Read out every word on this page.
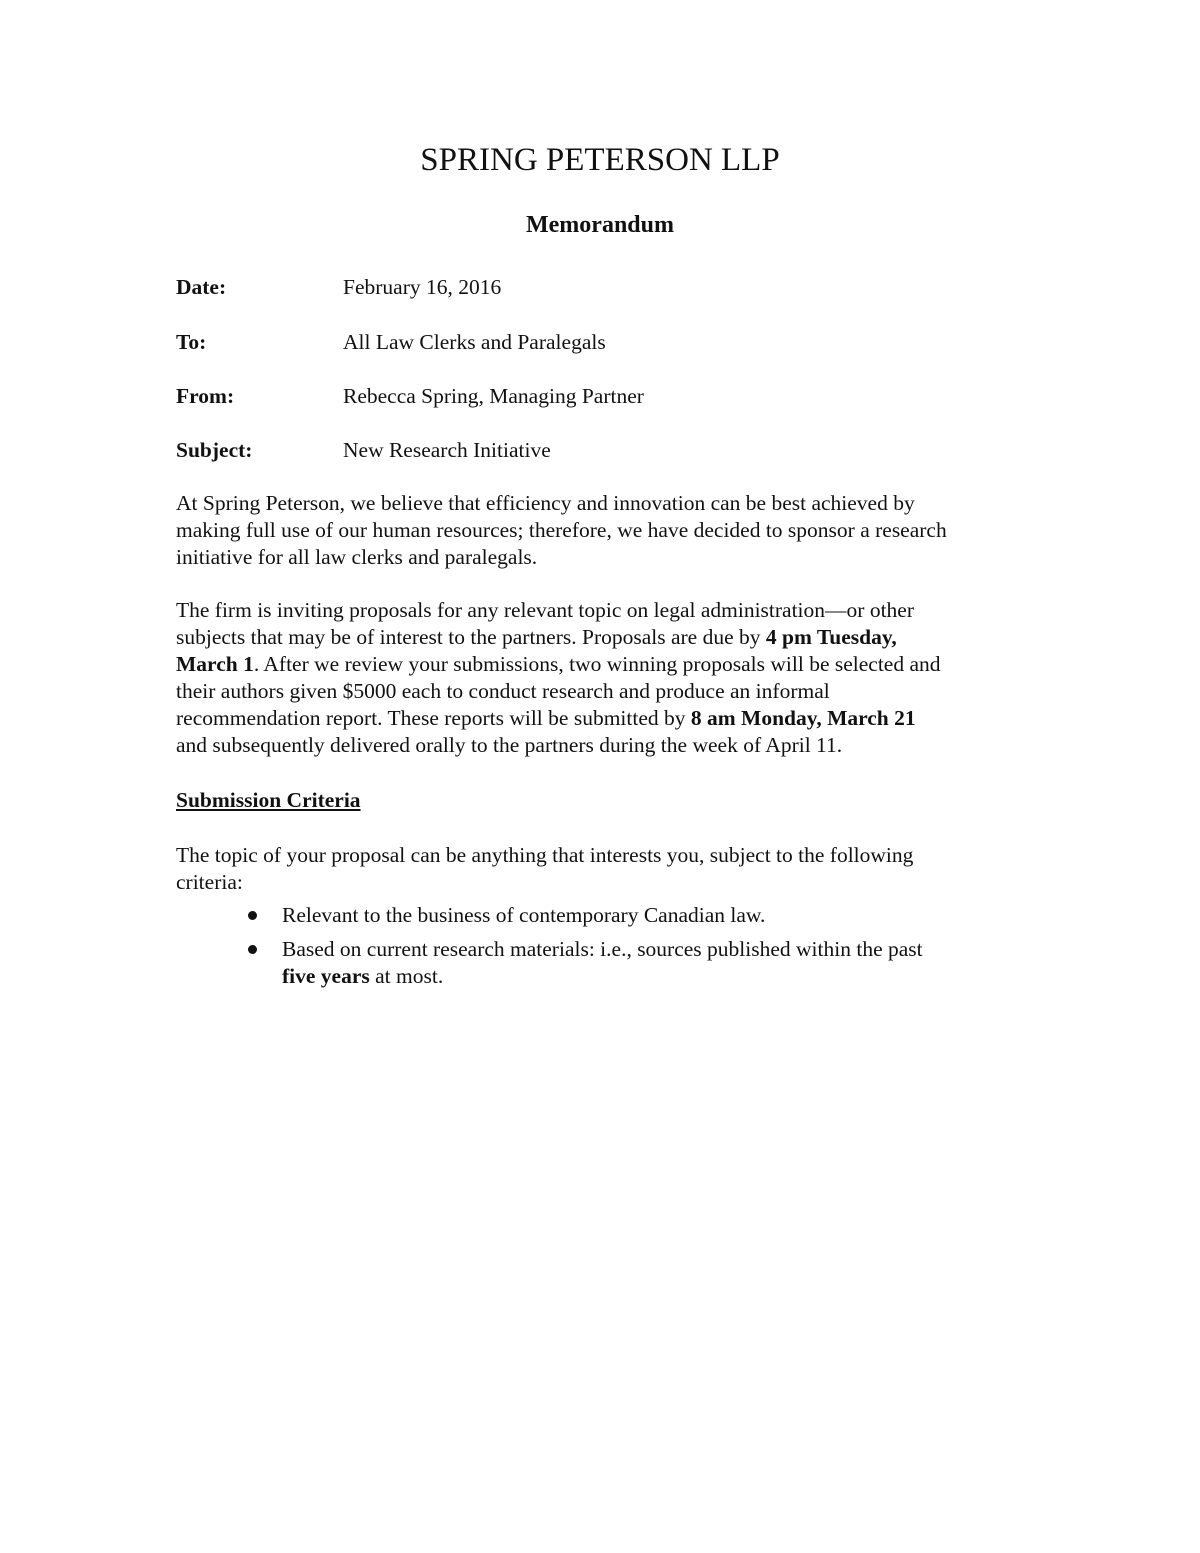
SPRING PETERSON LLP
Memorandum
Date:	February 16, 2016
To:	All Law Clerks and Paralegals
From:	Rebecca Spring, Managing Partner
Subject:	New Research Initiative

At Spring Peterson, we believe that efficiency and innovation can be best achieved by
making full use of our human resources; therefore, we have decided to sponsor a research
initiative for all law clerks and paralegals.

The firm is inviting proposals for any relevant topic on legal administration—or other
subjects that may be of interest to the partners. Proposals are due by 4 pm Tuesday,
March 1. After we review your submissions, two winning proposals will be selected and
their authors given $5000 each to conduct research and produce an informal
recommendation report. These reports will be submitted by 8 am Monday, March 21
and subsequently delivered orally to the partners during the week of April 11.

Submission Criteria

The topic of your proposal can be anything that interests you, subject to the following
criteria:

Relevant to the business of contemporary Canadian law.
Based on current research materials: i.e., sources published within the past
five years at most.
